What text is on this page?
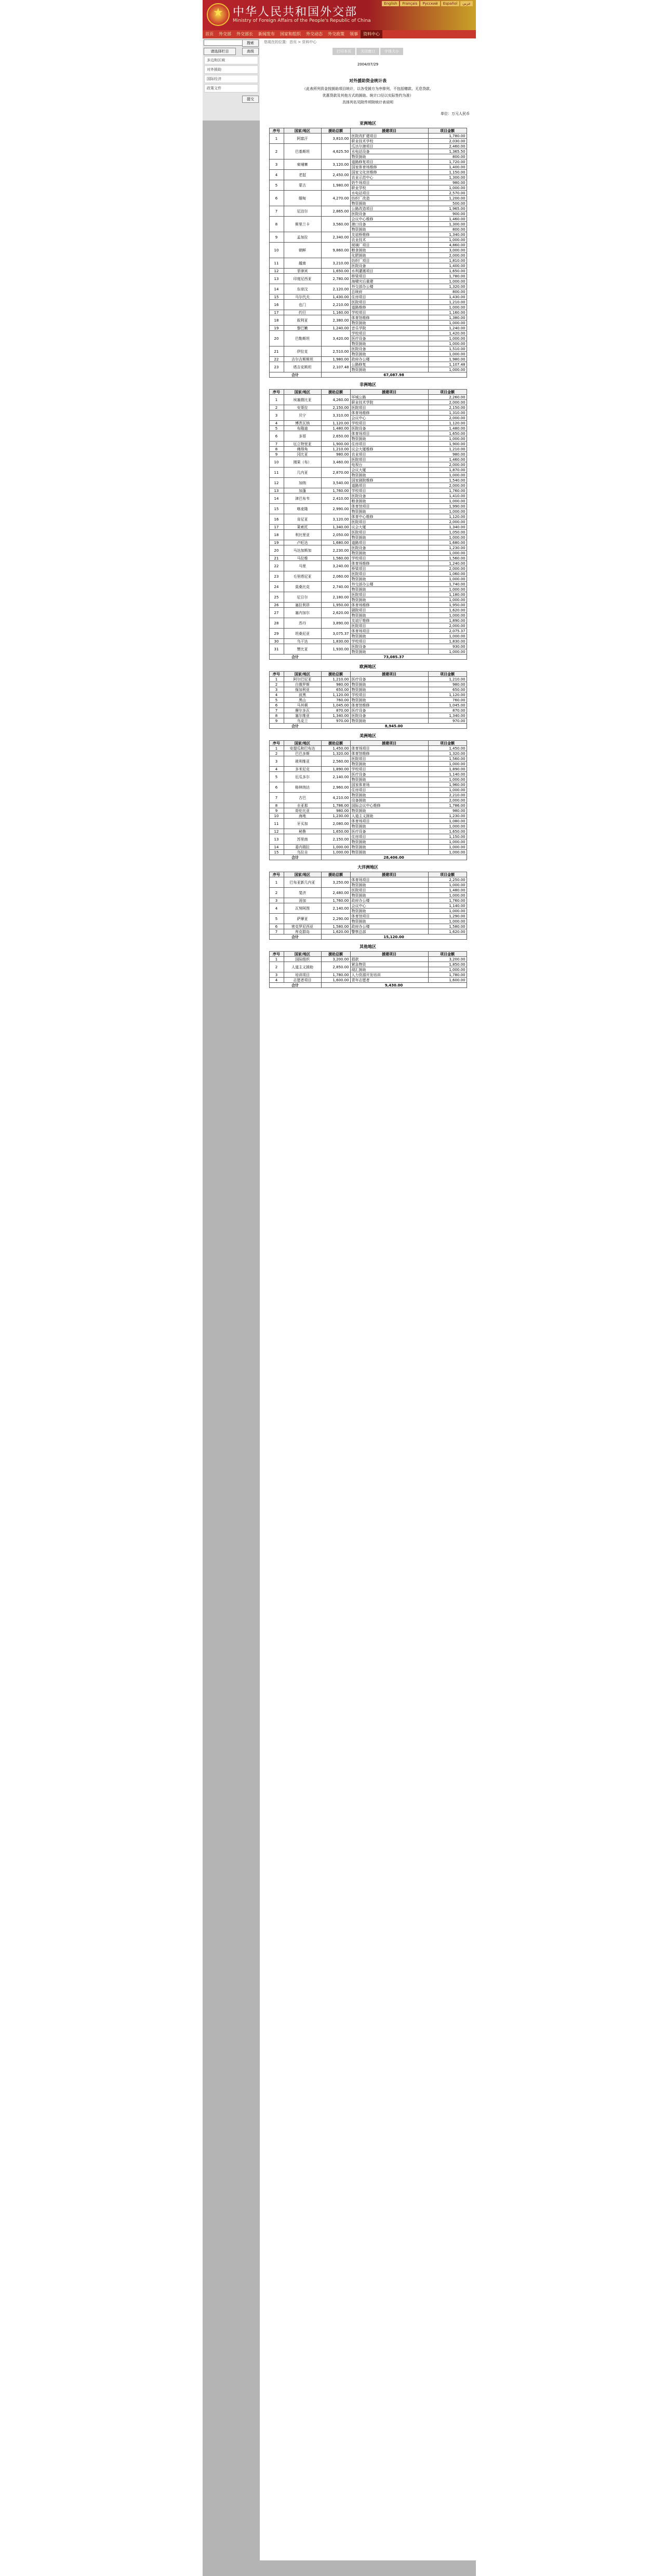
★ 中华人民共和国外交部
Ministry of Foreign Affairs of the People's Republic of China
English Français Русский Español عربي
首页 外交部 外交部长 新闻发布 国家和组织 外交动态 外交政策 领事 资料中心
搜索
请选择栏目	高级
多边和区域
对外援助
国际经济
政策文件
提交
您现在的位置：首页 > 资料中心
打印本页	关闭窗口	字体大小
2004/07/29
对外援助资金统计表
（此表所列资金按援助项目统计，以各受援方为序排列，不包括赠款、无息贷款、
优惠贷款及其他方式的援助。统计口径以实际签约为准）
具体列名见附件所附统计表说明
单位：万元人民币
亚洲地区
序号	国家/地区	援助总额	援建项目	项目金额
1	阿富汗	3,810.00	医院改扩建项目	1,780.00
			职业技术学校	2,030.00
2	巴基斯坦	4,625.50	瓜达尔港项目	2,460.00
			水电站设备	1,365.50
			物资援助	800.00
3	柬埔寨	3,120.00	道路修复项目	1,720.00
			国家体育场维修	1,400.00
4	老挝	2,450.00	国家文化宫维修	1,150.00
			农业示范中心	1,300.00
5	蒙古	1,980.00	奶牛场项目	980.00
			职业学校	1,000.00
6	缅甸	4,270.00	水电站项目	2,570.00
			纺织厂改造	1,200.00
			物资援助	500.00
7	尼泊尔	2,865.00	公路改造项目	1,965.00
			医院设备	900.00
8	斯里兰卡	3,560.00	会议中心维修	1,460.00
			港口设备	1,300.00
			物资援助	800.00
9	孟加拉	2,340.00	友谊桥维修	1,340.00
			农业技术	1,000.00
10	朝鲜	9,860.00	玻璃厂项目	4,860.00
			粮食援助	3,000.00
			化肥援助	2,000.00
11	越南	3,210.00	纺织厂项目	1,810.00
			医院设备	1,400.00
12	菲律宾	1,650.00	水利灌溉项目	1,650.00
13	印度尼西亚	2,780.00	桥梁项目	1,780.00
			海啸灾后重建	1,000.00
14	东帝汶	2,120.00	外交部办公楼	1,320.00
			总统府	800.00
15	马尔代夫	1,430.00	住房项目	1,430.00
16	也门	2,210.00	医院项目	1,210.00
			道路维修	1,000.00
17	约旦	1,160.00	学校项目	1,160.00
18	叙利亚	2,380.00	体育馆维修	1,380.00
			物资援助	1,000.00
19	黎巴嫩	1,240.00	音乐学院	1,240.00
20	巴勒斯坦	3,420.00	学校项目	1,420.00
			医疗设备	1,000.00
			物资援助	1,000.00
21	伊拉克	2,510.00	医院设备	1,510.00
			物资援助	1,000.00
22	吉尔吉斯斯坦	1,980.00	政府办公楼	1,980.00
23	塔吉克斯坦	2,107.48	公路修复	1,107.48
			物资援助	1,000.00
合计		67,087.98		
非洲地区
序号	国家/地区	援助总额	援建项目	项目金额
1	埃塞俄比亚	4,260.00	环城公路	2,260.00
			职业技术学院	2,000.00
2	安哥拉	2,150.00	医院项目	2,150.00
3	贝宁	3,310.00	体育场维修	1,310.00
			会议中心	2,000.00
4	博茨瓦纳	1,120.00	学校项目	1,120.00
5	布隆迪	1,480.00	医院设备	1,480.00
6	多哥	2,650.00	体育场项目	1,650.00
			物资援助	1,000.00
7	厄立特里亚	1,900.00	住房项目	1,900.00
8	佛得角	1,210.00	议会大厦维修	1,210.00
9	冈比亚	980.00	农业项目	980.00
10	刚果（布）	3,460.00	医院项目	1,460.00
			电视台	2,000.00
11	几内亚	2,870.00	会议大厦	1,870.00
			物资援助	1,000.00
12	加纳	3,540.00	国家剧院维修	1,540.00
			道路项目	2,000.00
13	加蓬	1,760.00	学校项目	1,760.00
14	津巴布韦	2,410.00	医院设备	1,410.00
			粮食援助	1,000.00
15	喀麦隆	2,990.00	体育馆项目	1,990.00
			物资援助	1,000.00
16	肯尼亚	3,120.00	体育中心维修	1,120.00
			医院项目	2,000.00
17	莱索托	1,340.00	议会大厦	1,340.00
18	利比里亚	2,050.00	医院项目	1,050.00
			物资援助	1,000.00
19	卢旺达	1,680.00	道路项目	1,680.00
20	马达加斯加	2,230.00	医院设备	1,230.00
			物资援助	1,000.00
21	马拉维	1,560.00	学校项目	1,560.00
22	马里	3,240.00	体育场维修	1,240.00
			桥梁项目	2,000.00
23	毛里塔尼亚	2,060.00	医院项目	1,060.00
			物资援助	1,000.00
24	莫桑比克	2,740.00	外交部办公楼	1,740.00
			物资援助	1,000.00
25	尼日尔	2,180.00	医院项目	1,180.00
			物资援助	1,000.00
26	塞拉利昂	1,950.00	体育场维修	1,950.00
27	塞内加尔	2,620.00	剧院项目	1,620.00
			物资援助	1,000.00
28	苏丹	3,890.00	友谊厅维修	1,890.00
			医院项目	2,000.00
29	坦桑尼亚	3,075.37	体育场项目	2,075.37
			物资援助	1,000.00
30	乌干达	1,830.00	学校项目	1,830.00
31	赞比亚	1,930.00	医院设备	930.00
			物资援助	1,000.00
合计		73,085.37		
欧洲地区
序号	国家/地区	援助总额	援建项目	项目金额
1	阿尔巴尼亚	1,210.00	医疗设备	1,210.00
2	白俄罗斯	980.00	物资援助	980.00
3	保加利亚	650.00	物资援助	650.00
4	波黑	1,120.00	学校项目	1,120.00
5	黑山	760.00	物资援助	760.00
6	马其顿	1,045.00	体育馆维修	1,045.00
7	摩尔多瓦	870.00	医疗设备	870.00
8	塞尔维亚	1,340.00	医院设备	1,340.00
9	乌克兰	970.00	物资援助	970.00
合计		8,945.00		
美洲地区
序号	国家/地区	援助总额	援建项目	项目金额
1	安提瓜和巴布达	1,450.00	体育场项目	1,450.00
2	巴巴多斯	1,320.00	体育馆维修	1,320.00
3	玻利维亚	2,560.00	医院项目	1,560.00
			物资援助	1,000.00
4	多米尼克	1,890.00	学校项目	1,890.00
5	厄瓜多尔	2,140.00	医疗设备	1,140.00
			物资援助	1,000.00
6	格林纳达	2,960.00	国家体育场	1,960.00
			住房项目	1,000.00
7	古巴	4,210.00	物资援助	2,210.00
			设备援助	2,000.00
8	圭亚那	1,786.00	国际会议中心维修	1,786.00
9	哥伦比亚	980.00	物资援助	980.00
10	海地	1,230.00	人道主义援助	1,230.00
11	牙买加	2,080.00	体育场项目	1,080.00
			物资援助	1,000.00
12	秘鲁	1,650.00	医疗设备	1,650.00
13	苏里南	2,150.00	住房项目	1,150.00
			物资援助	1,000.00
14	委内瑞拉	1,000.00	物资援助	1,000.00
15	乌拉圭	1,000.00	物资援助	1,000.00
合计		28,406.00		
大洋洲地区
序号	国家/地区	援助总额	援建项目	项目金额
1	巴布亚新几内亚	3,250.00	体育场项目	2,250.00
			物资援助	1,000.00
2	斐济	2,480.00	医院项目	1,480.00
			物资援助	1,000.00
3	汤加	1,760.00	政府办公楼	1,760.00
4	瓦努阿图	2,140.00	会议中心	1,140.00
			物资援助	1,000.00
5	萨摩亚	2,290.00	体育馆项目	1,290.00
			物资援助	1,000.00
6	密克罗尼西亚	1,580.00	政府办公楼	1,580.00
7	库克群岛	1,620.00	警察总部	1,620.00
合计		15,120.00		
其他地区
序号	国家/地区	援助总额	援建项目	项目金额
1	国际组织	3,200.00	捐款	3,200.00
2	人道主义援助	2,850.00	紧急物资	1,850.00
			现汇援助	1,000.00
3	培训项目	1,780.00	人力资源开发培训	1,780.00
4	志愿者项目	1,600.00	青年志愿者	1,600.00
合计		9,430.00		
